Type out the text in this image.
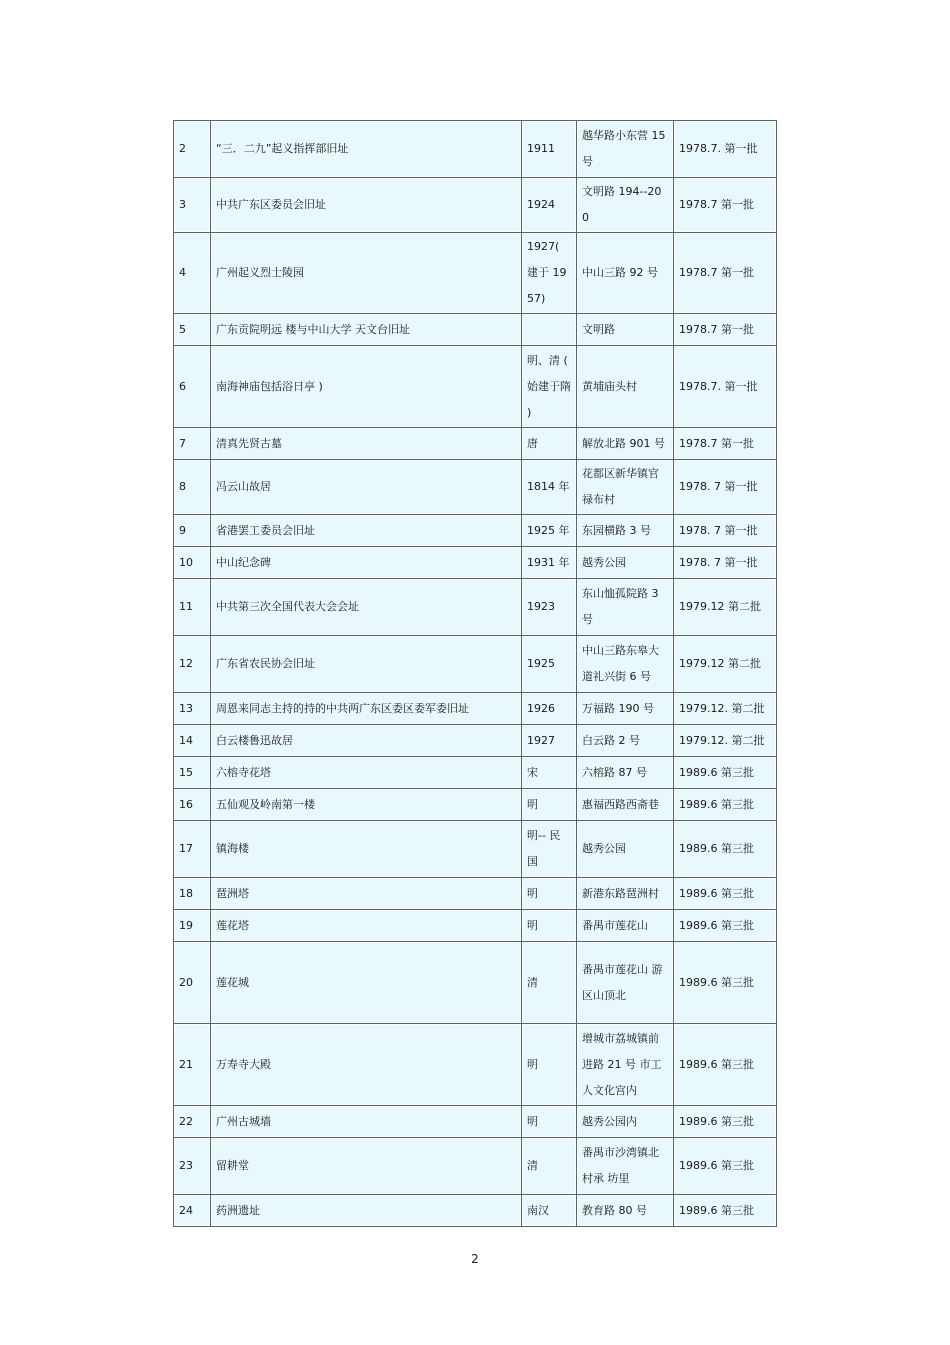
2	“三．二九”起义指挥部旧址	1911	越华路小东营 15号	1978.7. 第一批
3	中共广东区委员会旧址	1924	文明路 194--200	1978.7 第一批
4	广州起义烈士陵园	1927( 建于 1957)	中山三路 92 号	1978.7 第一批
5	广东贡院明远 楼与中山大学 天文台旧址		文明路	1978.7 第一批
6	南海神庙包括浴日亭 )	明、清 ( 始建于隋 )	黄埔庙头村	1978.7. 第一批
7	清真先贤古墓	唐	解放北路 901 号	1978.7 第一批
8	冯云山故居	1814 年	花都区新华镇官禄布村	1978. 7 第一批
9	省港罢工委员会旧址	1925 年	东园横路 3 号	1978. 7 第一批
10	中山纪念碑	1931 年	越秀公园	1978. 7 第一批
11	中共第三次全国代表大会会址	1923	东山恤孤院路 3号	1979.12 第二批
12	广东省农民协会旧址	1925	中山三路东皋大道礼兴街 6 号	1979.12 第二批
13	周恩来同志主持的持的中共两广东区委区委军委旧址	1926	万福路 190 号	1979.12. 第二批
14	白云楼鲁迅故居	1927	白云路 2 号	1979.12. 第二批
15	六榕寺花塔	宋	六榕路 87 号	1989.6 第三批
16	五仙观及岭南第一楼	明	惠福西路西斋巷	1989.6 第三批
17	镇海楼	明-- 民国	越秀公园	1989.6 第三批
18	琶洲塔	明	新港东路琶洲村	1989.6 第三批
19	莲花塔	明	番禺市莲花山	1989.6 第三批
20	莲花城	清	番禺市莲花山 游区山顶北	1989.6 第三批
21	万寿寺大殿	明	增城市荔城镇前进路 21 号 市工人文化宫内	1989.6 第三批
22	广州古城墙	明	越秀公园内	1989.6 第三批
23	留耕堂	清	番禺市沙湾镇北村承 坊里	1989.6 第三批
24	药洲遗址	南汉	教育路 80 号	1989.6 第三批
2
